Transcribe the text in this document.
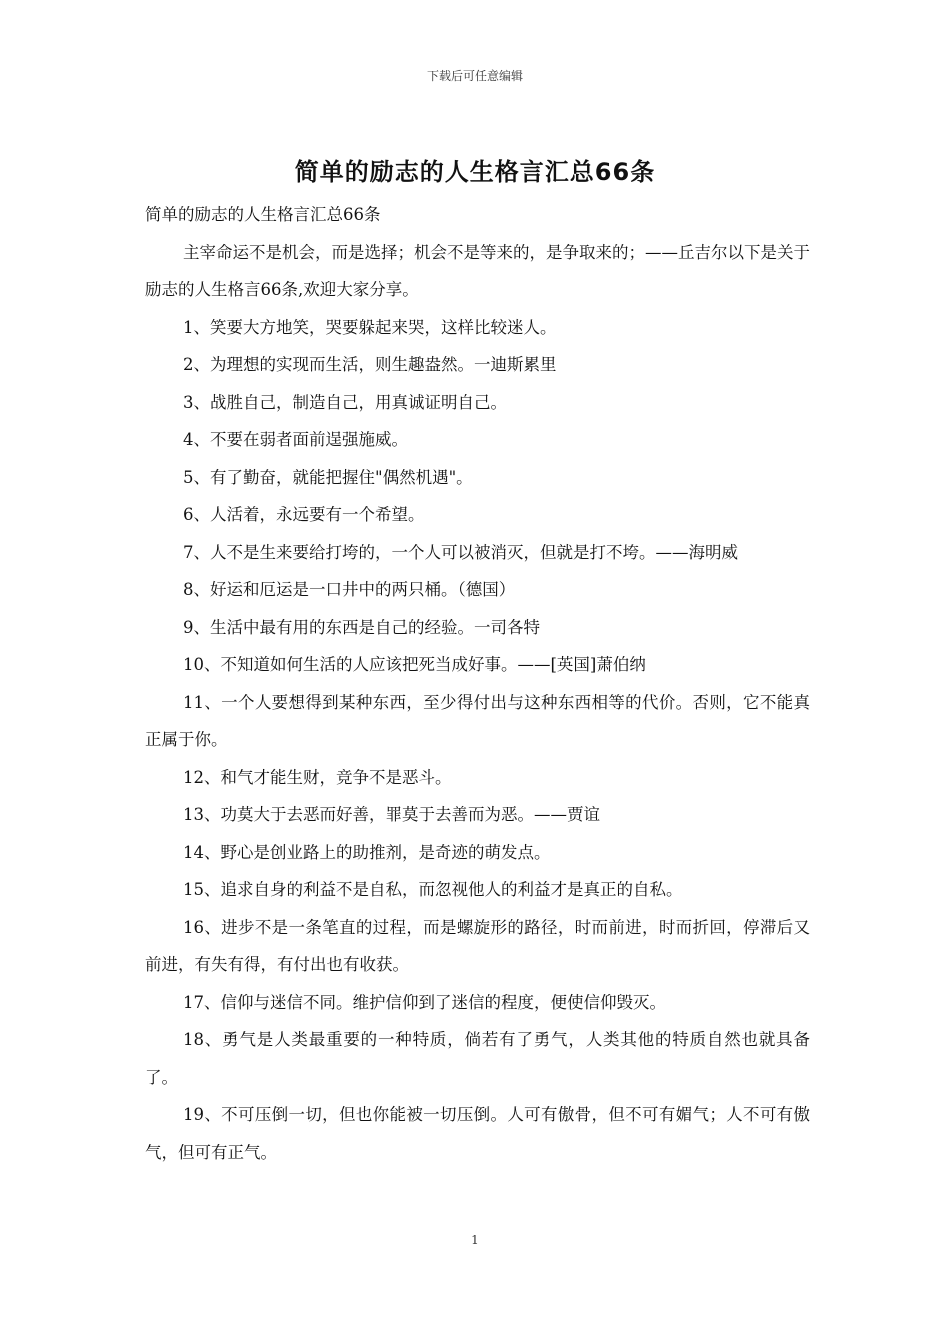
下载后可任意编辑
简单的励志的人生格言汇总66条

简单的励志的人生格言汇总66条

主宰命运不是机会，而是选择；机会不是等来的，是争取来的；——丘吉尔以下是关于励志的人生格言66条,欢迎大家分享。

1、笑要大方地笑，哭要躲起来哭，这样比较迷人。

2、为理想的实现而生活，则生趣盎然。一迪斯累里

3、战胜自己，制造自己，用真诚证明自己。

4、不要在弱者面前逞强施威。

5、有了勤奋，就能把握住"偶然机遇"。

6、人活着，永远要有一个希望。

7、人不是生来要给打垮的，一个人可以被消灭，但就是打不垮。——海明威

8、好运和厄运是一口井中的两只桶。（德国）

9、生活中最有用的东西是自己的经验。一司各特

10、不知道如何生活的人应该把死当成好事。——[英国]萧伯纳

11、一个人要想得到某种东西，至少得付出与这种东西相等的代价。否则，它不能真正属于你。

12、和气才能生财，竞争不是恶斗。

13、功莫大于去恶而好善，罪莫于去善而为恶。——贾谊

14、野心是创业路上的助推剂，是奇迹的萌发点。

15、追求自身的利益不是自私，而忽视他人的利益才是真正的自私。

16、进步不是一条笔直的过程，而是螺旋形的路径，时而前进，时而折回，停滞后又前进，有失有得，有付出也有收获。

17、信仰与迷信不同。维护信仰到了迷信的程度，便使信仰毁灭。

18、勇气是人类最重要的一种特质，倘若有了勇气，人类其他的特质自然也就具备了。

19、不可压倒一切，但也你能被一切压倒。人可有傲骨，但不可有媚气；人不可有傲气，但可有正气。

1
